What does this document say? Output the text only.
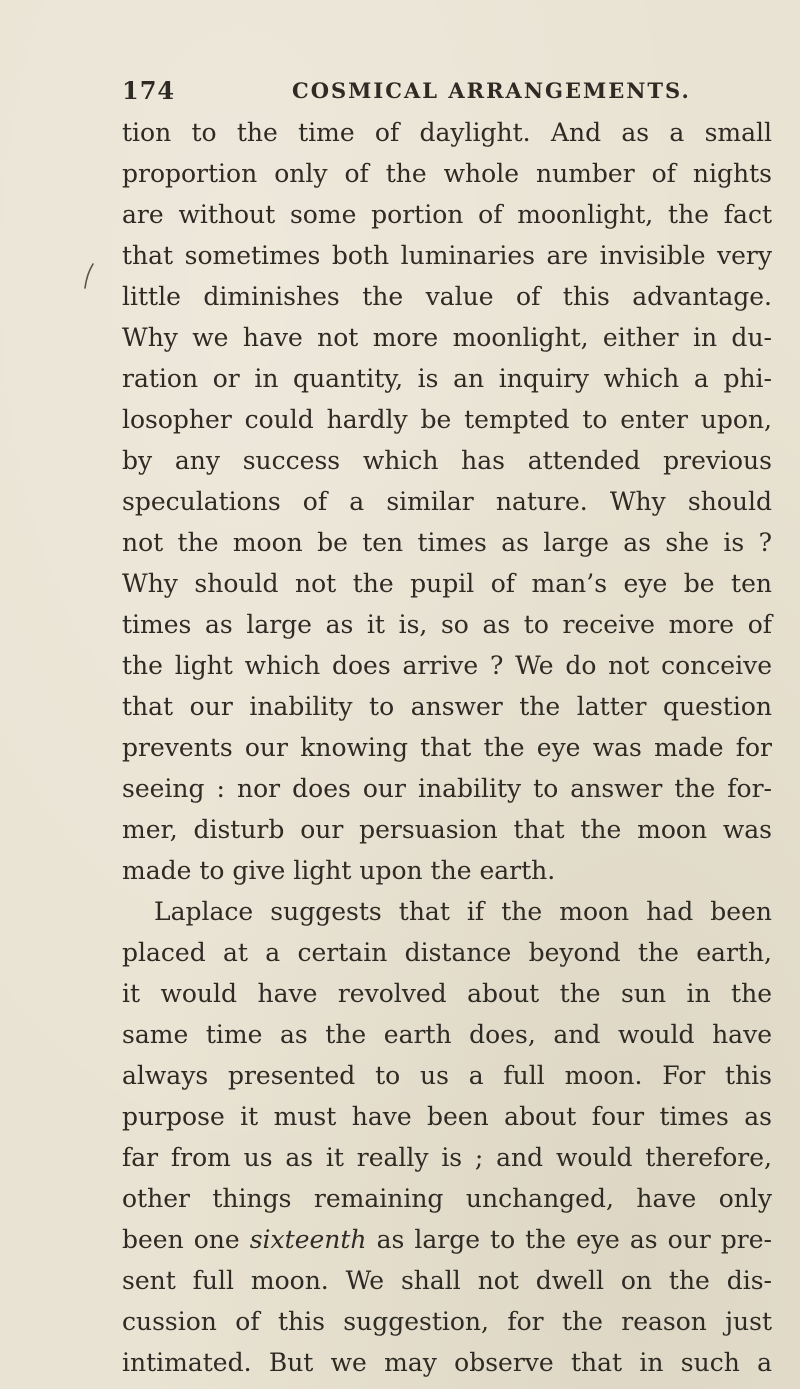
174	COSMICAL ARRANGEMENTS.
tion to the time of daylight. And as a small
proportion only of the whole number of nights
are without some portion of moonlight, the fact
that sometimes both luminaries are invisible very
little diminishes the value of this advantage.
Why we have not more moonlight, either in du-
ration or in quantity, is an inquiry which a phi-
losopher could hardly be tempted to enter upon,
by any success which has attended previous
speculations of a similar nature. Why should
not the moon be ten times as large as she is ?
Why should not the pupil of man’s eye be ten
times as large as it is, so as to receive more of
the light which does arrive ? We do not conceive
that our inability to answer the latter question
prevents our knowing that the eye was made for
seeing : nor does our inability to answer the for-
mer, disturb our persuasion that the moon was
made to give light upon the earth.
Laplace suggests that if the moon had been
placed at a certain distance beyond the earth,
it would have revolved about the sun in the
same time as the earth does, and would have
always presented to us a full moon. For this
purpose it must have been about four times as
far from us as it really is ; and would therefore,
other things remaining unchanged, have only
been one sixteenth as large to the eye as our pre-
sent full moon. We shall not dwell on the dis-
cussion of this suggestion, for the reason just
intimated. But we may observe that in such a
